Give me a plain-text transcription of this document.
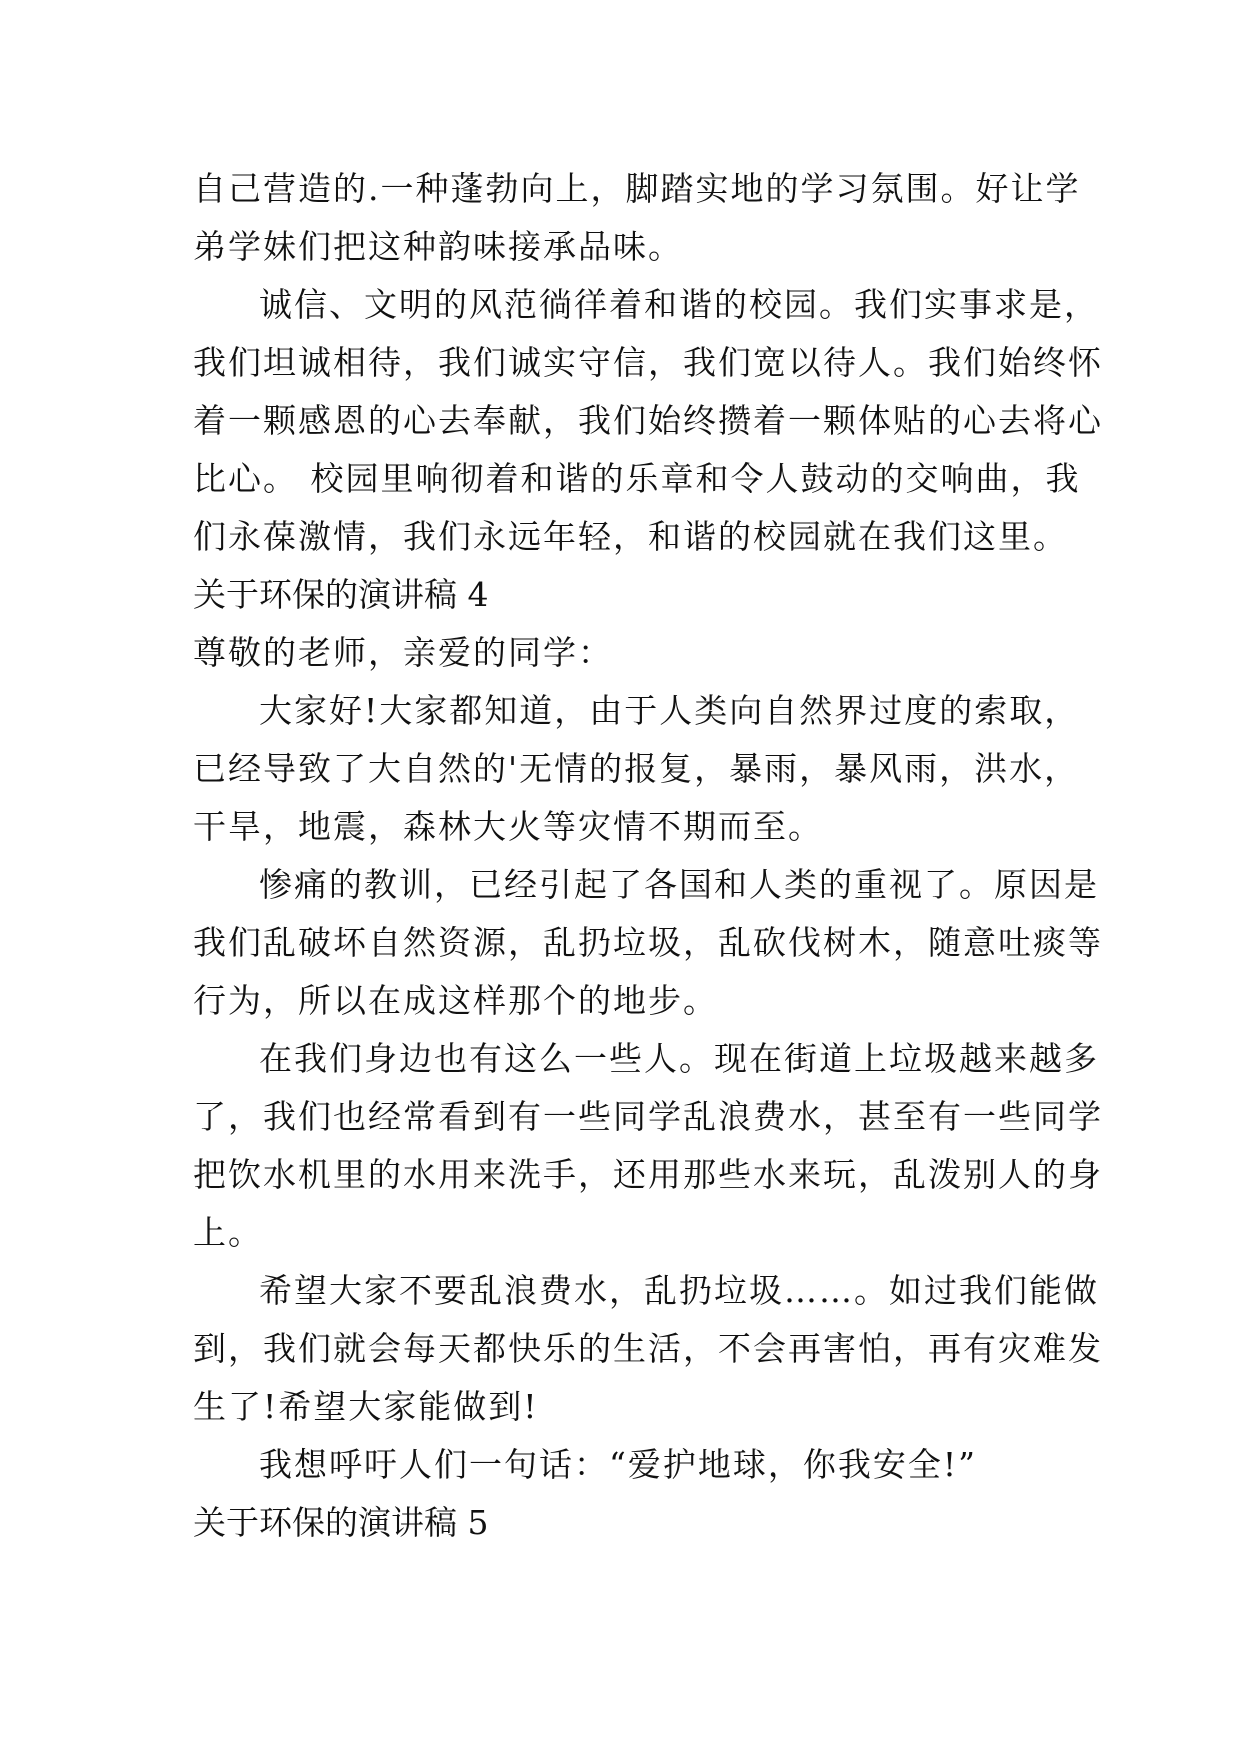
自己营造的.一种蓬勃向上，脚踏实地的学习氛围。好让学
弟学妹们把这种韵味接承品味。
诚信、文明的风范徜徉着和谐的校园。我们实事求是，
我们坦诚相待，我们诚实守信，我们宽以待人。我们始终怀
着一颗感恩的心去奉献，我们始终攒着一颗体贴的心去将心
比心。 校园里响彻着和谐的乐章和令人鼓动的交响曲，我
们永葆激情，我们永远年轻，和谐的校园就在我们这里。
关于环保的演讲稿 4
尊敬的老师，亲爱的同学：
大家好!大家都知道，由于人类向自然界过度的索取，
已经导致了大自然的'无情的报复，暴雨，暴风雨，洪水，
干旱，地震，森林大火等灾情不期而至。
惨痛的教训，已经引起了各国和人类的重视了。原因是
我们乱破坏自然资源，乱扔垃圾，乱砍伐树木，随意吐痰等
行为，所以在成这样那个的地步。
在我们身边也有这么一些人。现在街道上垃圾越来越多
了，我们也经常看到有一些同学乱浪费水，甚至有一些同学
把饮水机里的水用来洗手，还用那些水来玩，乱泼别人的身
上。
希望大家不要乱浪费水，乱扔垃圾……。如过我们能做
到，我们就会每天都快乐的生活，不会再害怕，再有灾难发
生了!希望大家能做到!
我想呼吁人们一句话：“爱护地球，你我安全!”
关于环保的演讲稿 5
